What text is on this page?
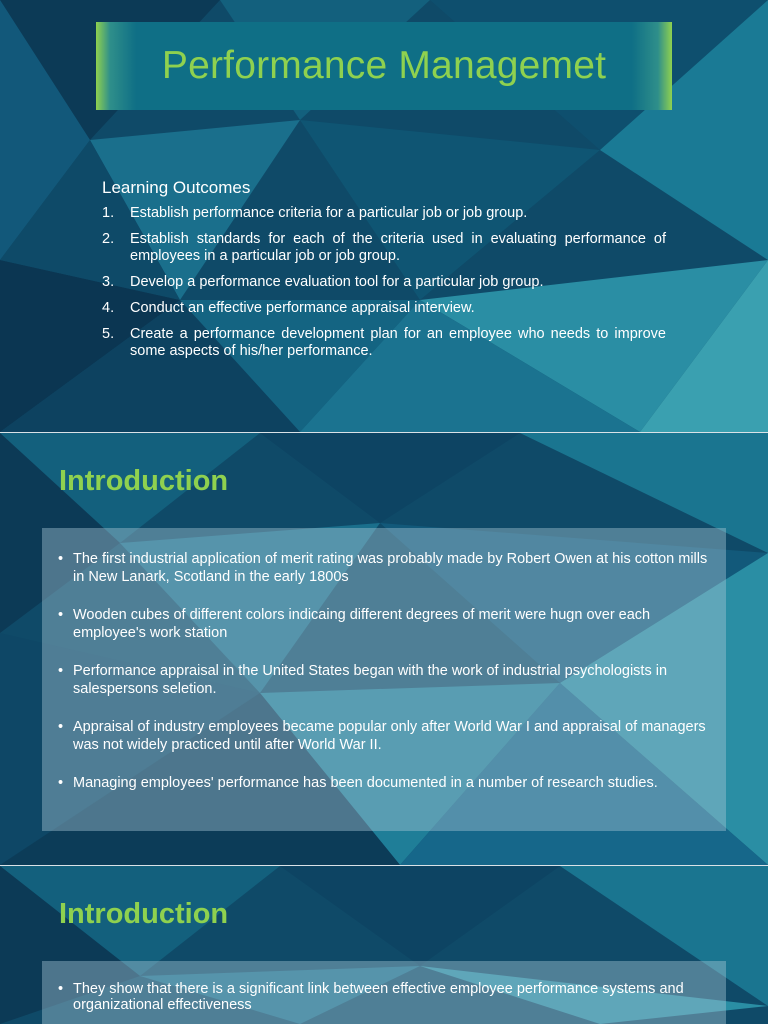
Performance Managemet
Learning Outcomes
1. Establish performance criteria for a particular job or job group.
2. Establish standards for each of the criteria used in evaluating performance of employees in a particular job or job group.
3. Develop a performance evaluation tool for a particular job group.
4. Conduct an effective performance appraisal interview.
5. Create a performance development plan for an employee who needs to improve some aspects of his/her performance.
Introduction
• The first industrial application of merit rating was probably made by Robert Owen at his cotton mills in New Lanark, Scotland in the early 1800s
• Wooden cubes of different colors indicaing different degrees of merit were hugn over each employee's work station
• Performance appraisal in the United States began with the work of industrial psychologists in salespersons seletion.
• Appraisal of industry employees became popular only after World War I and appraisal of managers was not widely practiced until after World War II.
• Managing employees' performance has been documented in a number of research studies.
Introduction
• They show that there is a significant link between effective employee performance systems and organizational effectiveness
